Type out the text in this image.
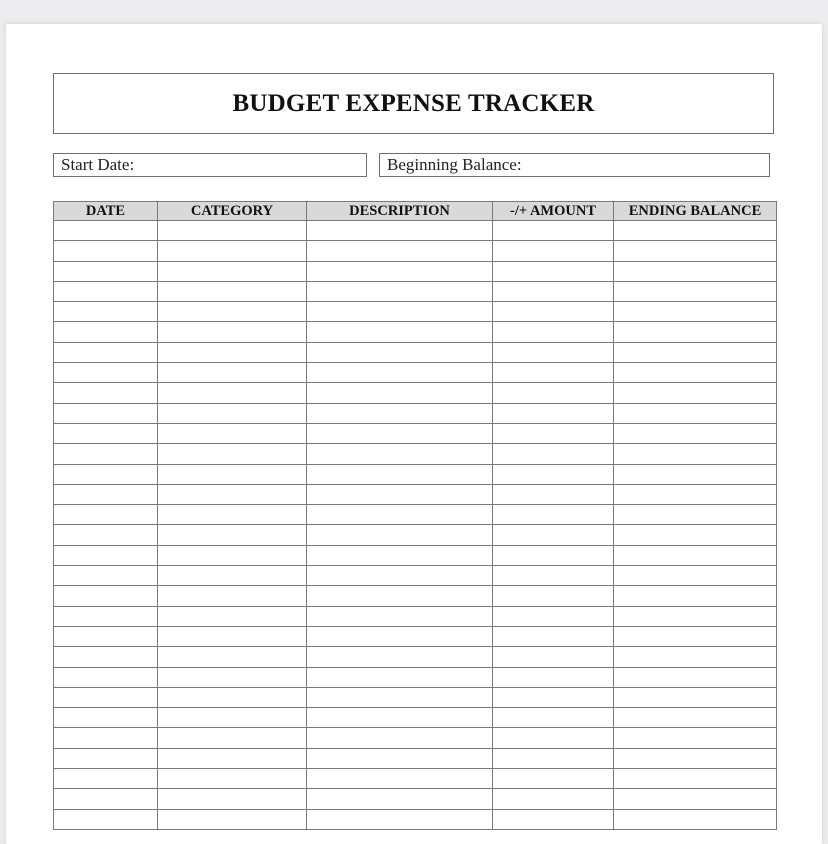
BUDGET EXPENSE TRACKER
Start Date:	Beginning Balance:
DATE	CATEGORY	DESCRIPTION	-/+ AMOUNT	ENDING BALANCE
